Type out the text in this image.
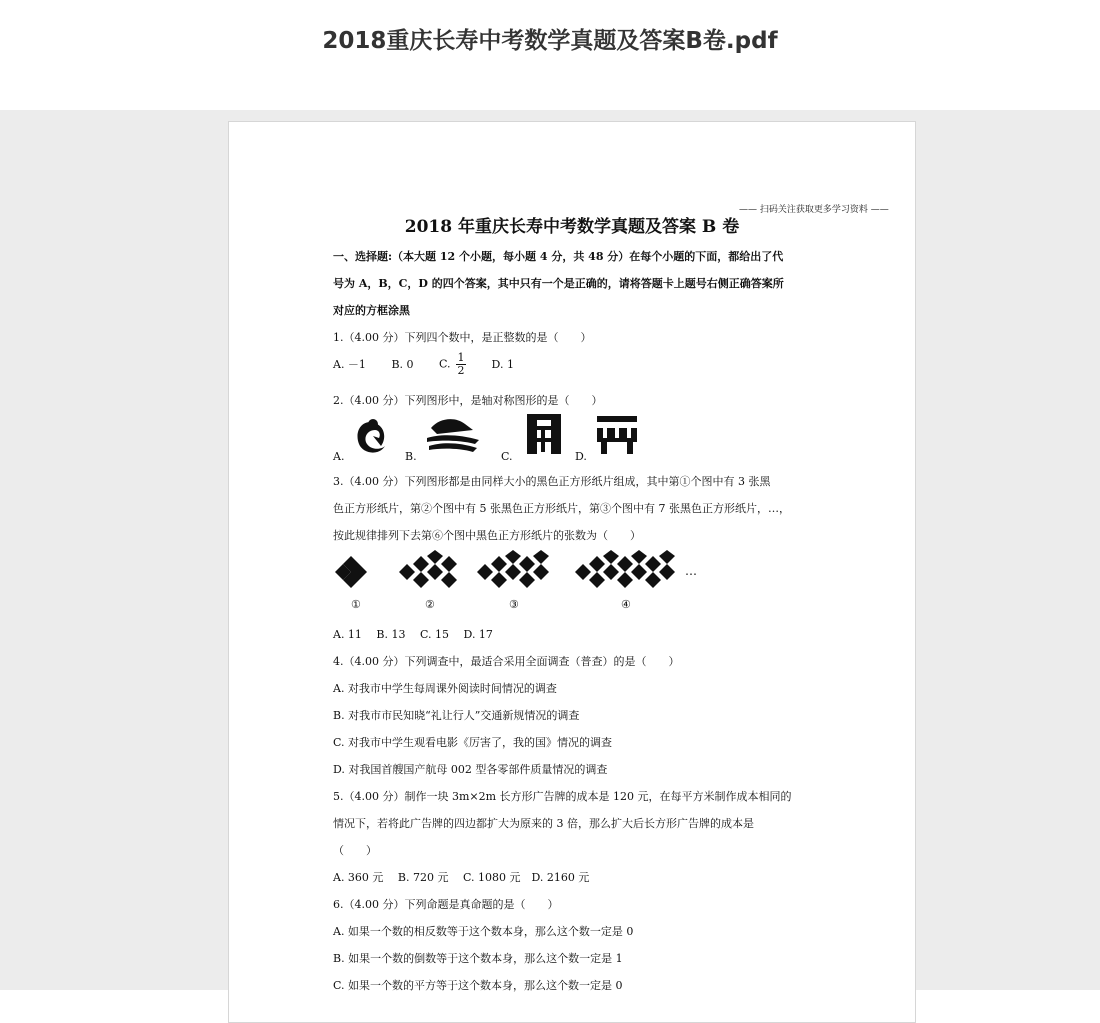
2018重庆长寿中考数学真题及答案B卷.pdf
—— 扫码关注获取更多学习资料 ——
2018 年重庆长寿中考数学真题及答案 B 卷
一、选择题:（本大题 12 个小题，每小题 4 分，共 48 分）在每个小题的下面，都给出了代
号为 A，B，C，D 的四个答案，其中只有一个是正确的，请将答题卡上题号右侧正确答案所
对应的方框涂黑
1.（4.00 分）下列四个数中，是正整数的是（　　）
A. －1 B. 0 C. $\frac{1}{2} D$. 1
2.（4.00 分）下列图形中，是轴对称图形的是（　　）
A.	B.	C.	D.
3.（4.00 分）下列图形都是由同样大小的黑色正方形纸片组成，其中第①个图中有 3 张黑
色正方形纸片，第②个图中有 5 张黑色正方形纸片，第③个图中有 7 张黑色正方形纸片，…，
按此规律排列下去第⑥个图中黑色正方形纸片的张数为（　　）
…
①	②	③	④
A. 11　 B. 13　 C. 15　 D. 17
4.（4.00 分）下列调查中，最适合采用全面调查（普查）的是（　　）
A. 对我市中学生每周课外阅读时间情况的调查
B. 对我市市民知晓“礼让行人”交通新规情况的调查
C. 对我市中学生观看电影《厉害了，我的国》情况的调查
D. 对我国首艘国产航母 002 型各零部件质量情况的调查
5.（4.00 分）制作一块 3m×2m 长方形广告牌的成本是 120 元，在每平方米制作成本相同的
情况下，若将此广告牌的四边都扩大为原来的 3 倍，那么扩大后长方形广告牌的成本是
（　　）
A. 360 元　 B. 720 元　 C. 1080 元　D. 2160 元
6.（4.00 分）下列命题是真命题的是（　　）
A. 如果一个数的相反数等于这个数本身，那么这个数一定是 0
B. 如果一个数的倒数等于这个数本身，那么这个数一定是 1
C. 如果一个数的平方等于这个数本身，那么这个数一定是 0
